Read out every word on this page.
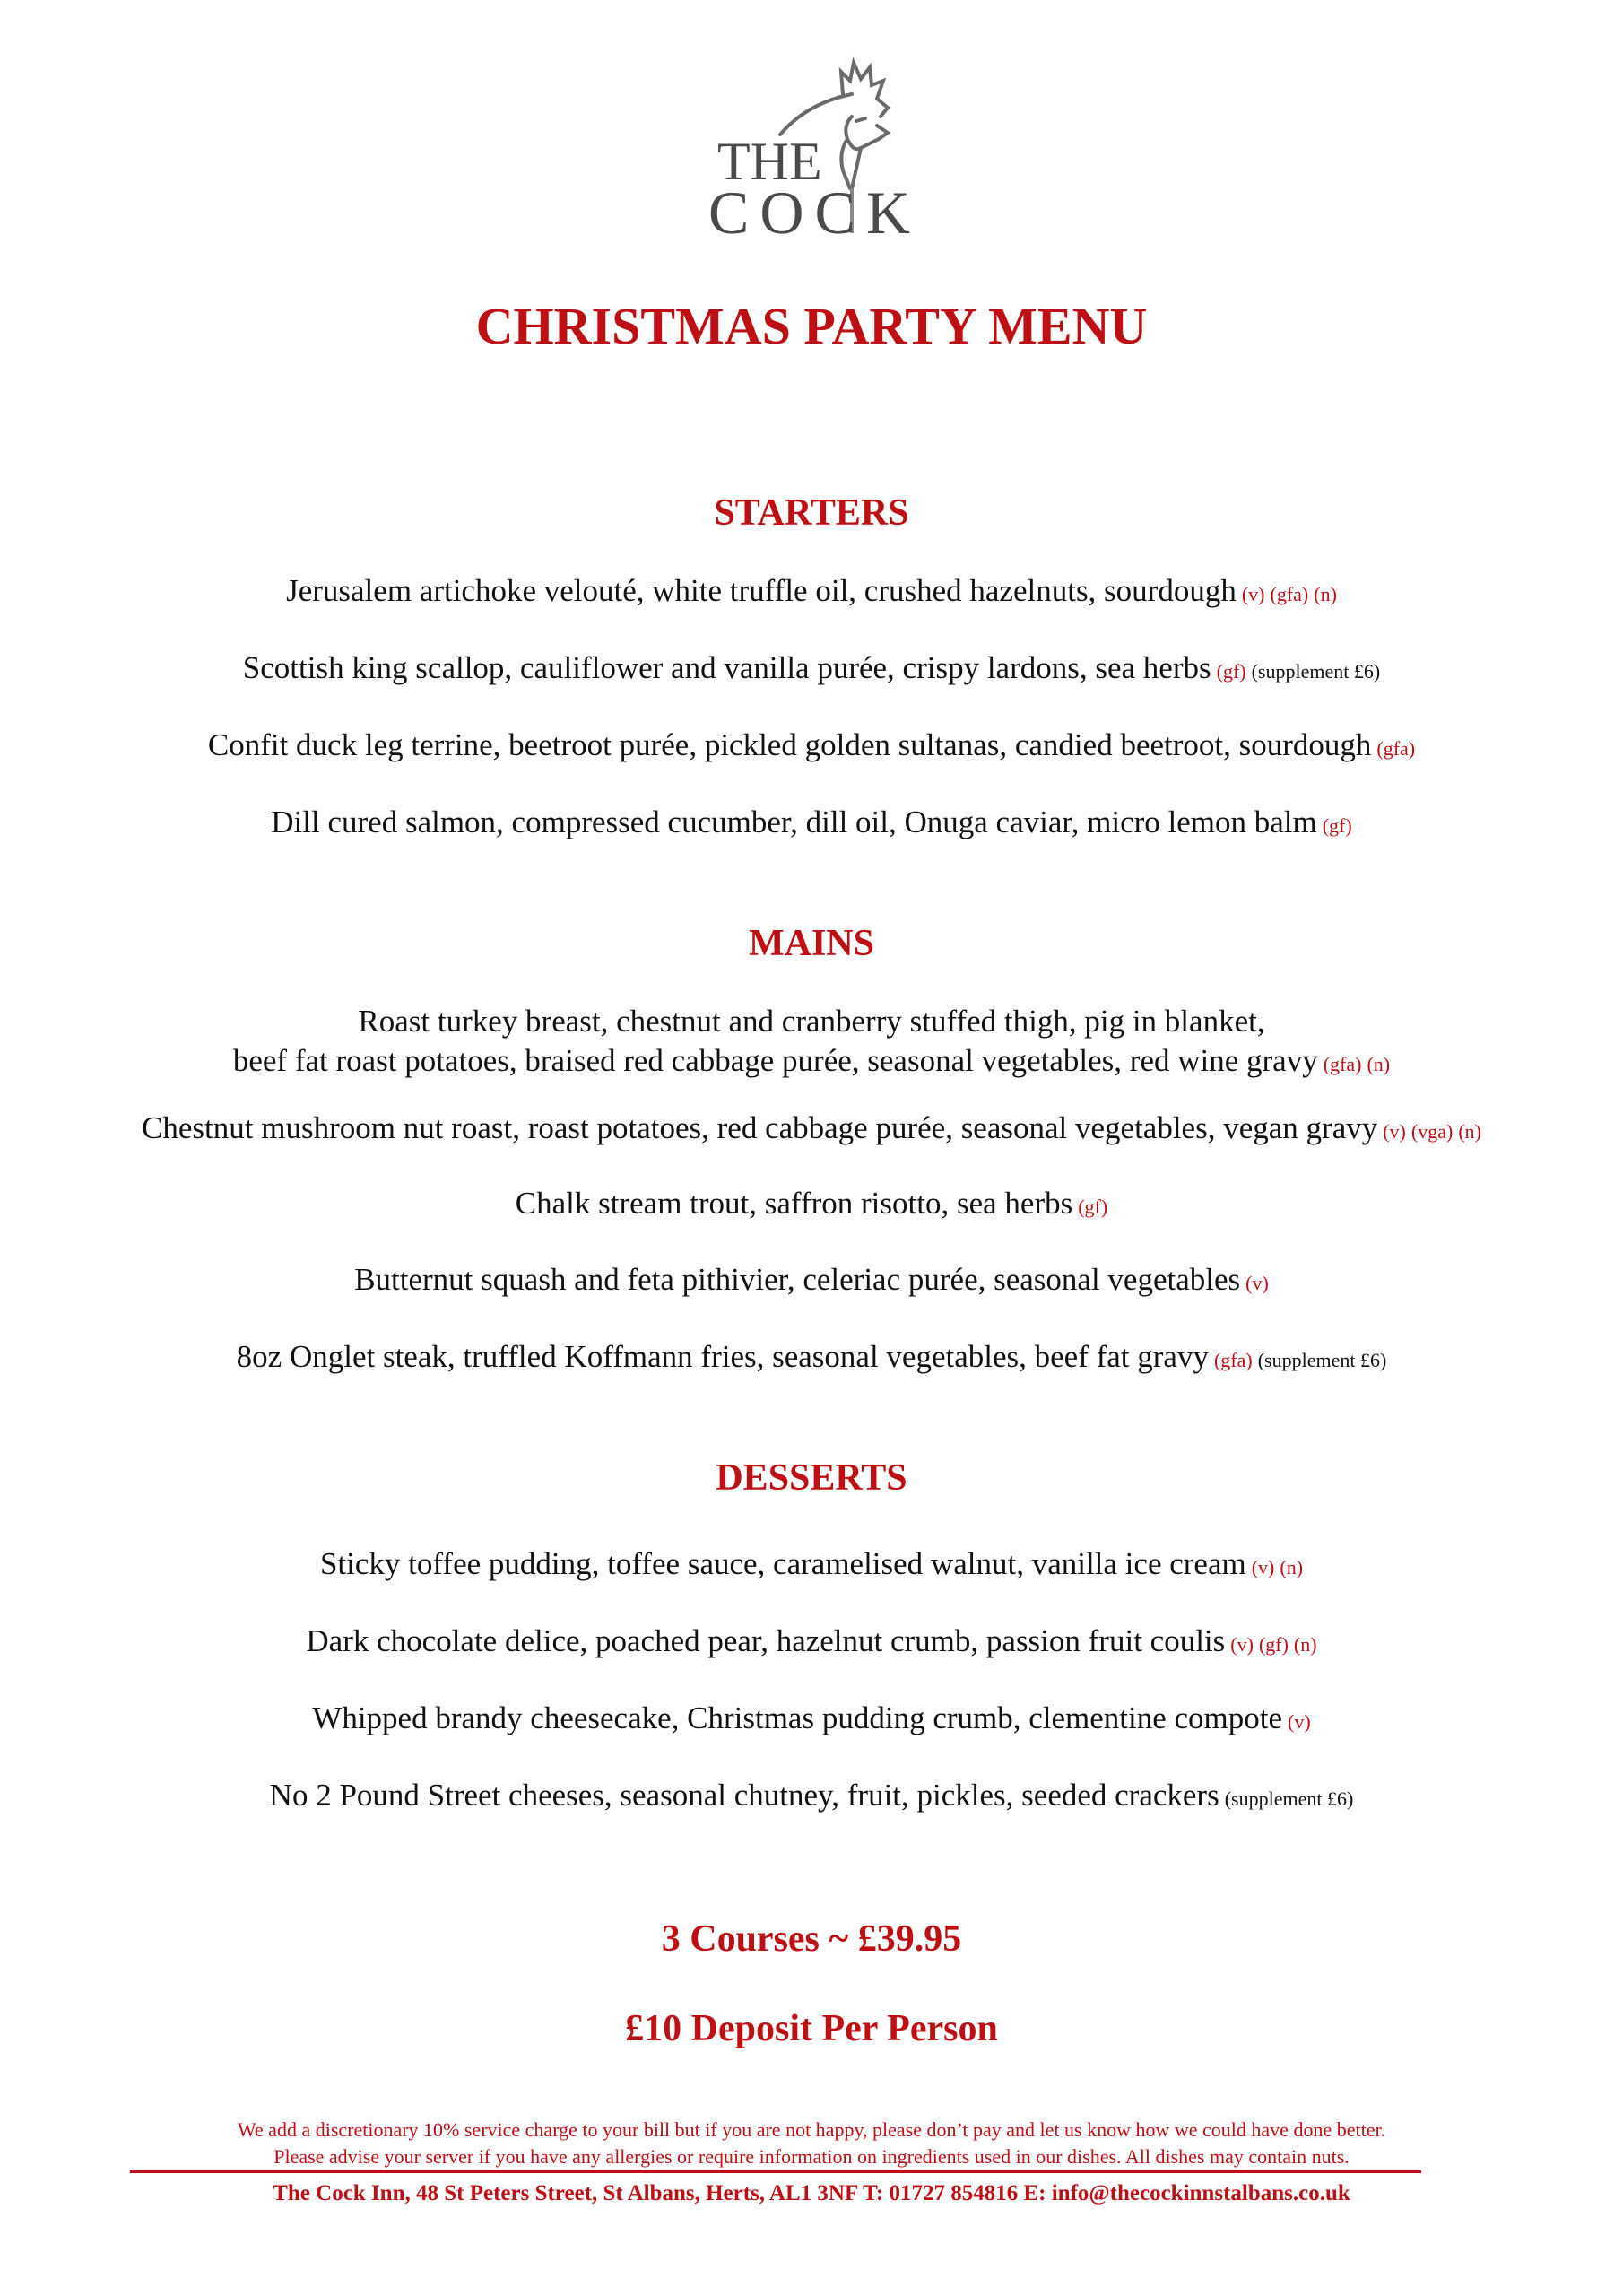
THE
COCK
CHRISTMAS PARTY MENU
STARTERS
Jerusalem artichoke velouté, white truffle oil, crushed hazelnuts, sourdough (v) (gfa) (n)
Scottish king scallop, cauliflower and vanilla purée, crispy lardons, sea herbs (gf) (supplement £6)
Confit duck leg terrine, beetroot purée, pickled golden sultanas, candied beetroot, sourdough (gfa)
Dill cured salmon, compressed cucumber, dill oil, Onuga caviar, micro lemon balm (gf)
MAINS
Roast turkey breast, chestnut and cranberry stuffed thigh, pig in blanket,
beef fat roast potatoes, braised red cabbage purée, seasonal vegetables, red wine gravy (gfa) (n)
Chestnut mushroom nut roast, roast potatoes, red cabbage purée, seasonal vegetables, vegan gravy (v) (vga) (n)
Chalk stream trout, saffron risotto, sea herbs (gf)
Butternut squash and feta pithivier, celeriac purée, seasonal vegetables (v)
8oz Onglet steak, truffled Koffmann fries, seasonal vegetables, beef fat gravy (gfa) (supplement £6)
DESSERTS
Sticky toffee pudding, toffee sauce, caramelised walnut, vanilla ice cream (v) (n)
Dark chocolate delice, poached pear, hazelnut crumb, passion fruit coulis (v) (gf) (n)
Whipped brandy cheesecake, Christmas pudding crumb, clementine compote (v)
No 2 Pound Street cheeses, seasonal chutney, fruit, pickles, seeded crackers (supplement £6)
3 Courses ~ £39.95
£10 Deposit Per Person
We add a discretionary 10% service charge to your bill but if you are not happy, please don’t pay and let us know how we could have done better.
Please advise your server if you have any allergies or require information on ingredients used in our dishes. All dishes may contain nuts.
The Cock Inn, 48 St Peters Street, St Albans, Herts, AL1 3NF T: 01727 854816 E: info@thecockinnstalbans.co.uk
